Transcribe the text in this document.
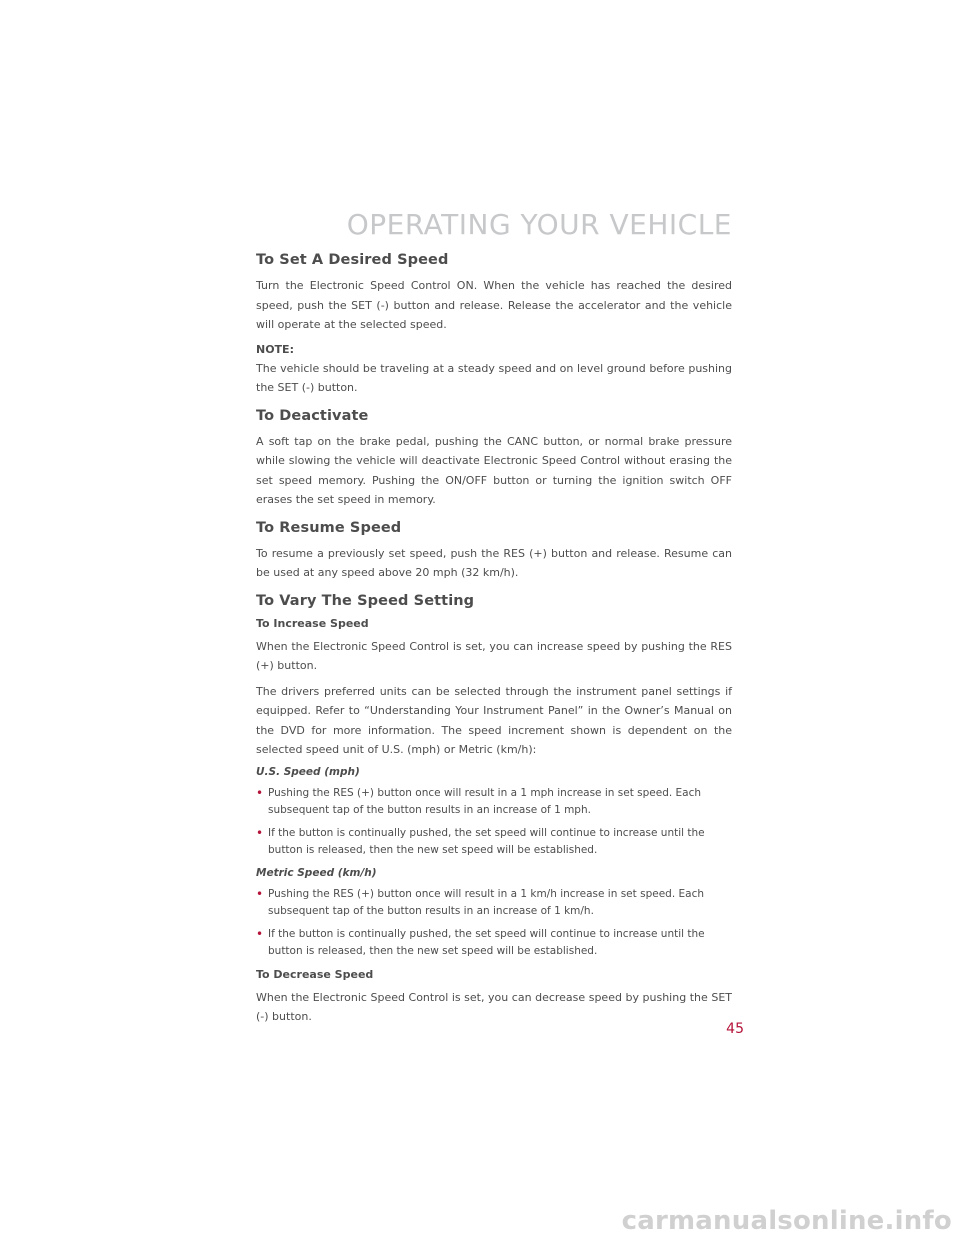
OPERATING YOUR VEHICLE
To Set A Desired Speed

Turn the Electronic Speed Control ON. When the vehicle has reached the desired speed, push the SET (-) button and release. Release the accelerator and the vehicle will operate at the selected speed.

NOTE:

The vehicle should be traveling at a steady speed and on level ground before pushing the SET (-) button.

To Deactivate

A soft tap on the brake pedal, pushing the CANC button, or normal brake pressure while slowing the vehicle will deactivate Electronic Speed Control without erasing the set speed memory. Pushing the ON/OFF button or turning the ignition switch OFF erases the set speed in memory.

To Resume Speed

To resume a previously set speed, push the RES (+) button and release. Resume can be used at any speed above 20 mph (32 km/h).

To Vary The Speed Setting
To Increase Speed

When the Electronic Speed Control is set, you can increase speed by pushing the RES (+) button.

The drivers preferred units can be selected through the instrument panel settings if equipped. Refer to “Understanding Your Instrument Panel” in the Owner’s Manual on the DVD for more information. The speed increment shown is dependent on the selected speed unit of U.S. (mph) or Metric (km/h):

U.S. Speed (mph)
• Pushing the RES (+) button once will result in a 1 mph increase in set speed. Each subsequent tap of the button results in an increase of 1 mph.
• If the button is continually pushed, the set speed will continue to increase until the button is released, then the new set speed will be established.
Metric Speed (km/h)
• Pushing the RES (+) button once will result in a 1 km/h increase in set speed. Each subsequent tap of the button results in an increase of 1 km/h.
• If the button is continually pushed, the set speed will continue to increase until the button is released, then the new set speed will be established.
To Decrease Speed

When the Electronic Speed Control is set, you can decrease speed by pushing the SET (-) button.

45
carmanualsonline.info
